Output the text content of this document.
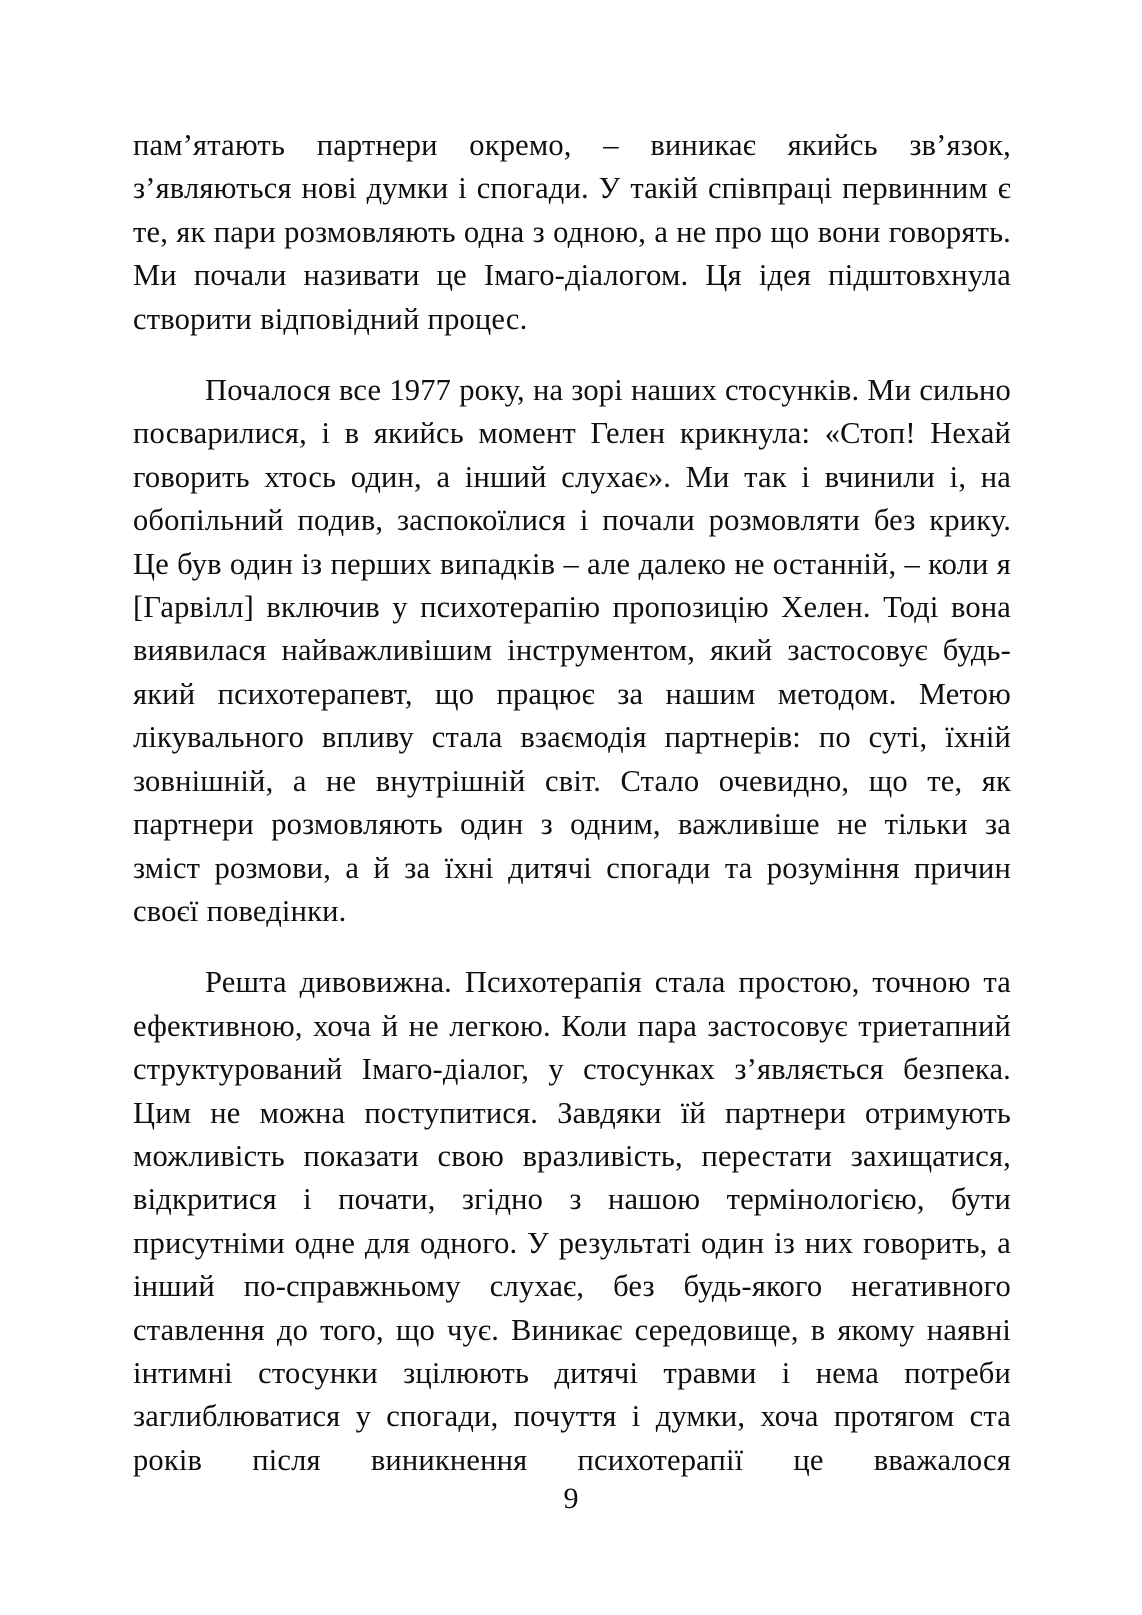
пам’ятають партнери окремо, – виникає якийсь зв’язок, з’являються нові думки і спогади. У такій співпраці первинним є те, як пари розмовляють одна з одною, а не про що вони говорять. Ми почали називати це Імаго-діалогом. Ця ідея підштовхнула створити відповідний процес.

Почалося все 1977 року, на зорі наших стосунків. Ми сильно посварилися, і в якийсь момент Гелен крикнула: «Стоп! Нехай говорить хтось один, а інший слухає». Ми так і вчинили і, на обопільний подив, заспокоїлися і почали розмовляти без крику. Це був один із перших випадків – але далеко не останній, – коли я [Гарвілл] включив у психотерапію пропозицію Хелен. Тоді вона виявилася найважливішим інструментом, який застосовує будь-який психотерапевт, що працює за нашим методом. Метою лікувального впливу стала взаємодія партнерів: по суті, їхній зовнішній, а не внутрішній світ. Стало очевидно, що те, як партнери розмовляють один з одним, важливіше не тільки за зміст розмови, а й за їхні дитячі спогади та розуміння причин своєї поведінки.

Решта дивовижна. Психотерапія стала простою, точною та ефективною, хоча й не легкою. Коли пара застосовує триетапний структурований Імаго-діалог, у стосунках з’являється безпека. Цим не можна поступитися. Завдяки їй партнери отримують можливість показати свою вразливість, перестати захищатися, відкритися і почати, згідно з нашою термінологією, бути присутніми одне для одного. У результаті один із них говорить, а інший по-справжньому слухає, без будь-якого негативного ставлення до того, що чує. Виникає середовище, в якому наявні інтимні стосунки зцілюють дитячі травми і нема потреби заглиблюватися у спогади, почуття і думки, хоча протягом ста років після виникнення психотерапії це вважалося

9
